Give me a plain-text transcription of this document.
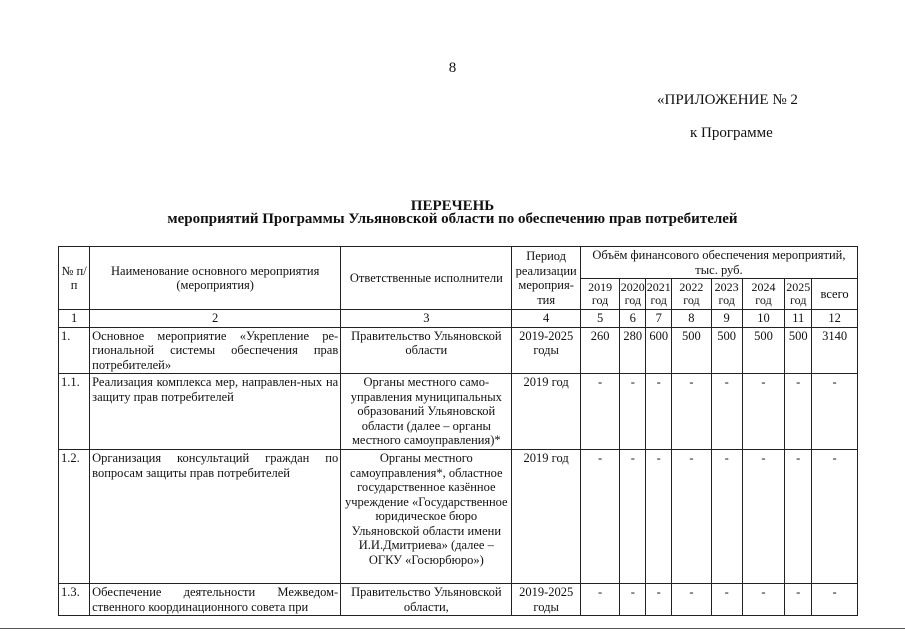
8
«ПРИЛОЖЕНИЕ № 2
к Программе
ПЕРЕЧЕНЬ
мероприятий Программы Ульяновской области по обеспечению прав потребителей
№ п/п	Наименование основного мероприятия (мероприятия)	Ответственные исполнители	Период реализации мероприя-тия	Объём финансового обеспечения мероприятий, тыс. руб.							
				2019 год	2020 год	2021 год	2022 год	2023 год	2024 год	2025 год	всего
1	2	3	4	5	6	7	8	9	10	11	12
1.	Основное мероприятие «Укрепление ре-гиональной системы обеспечения прав потребителей»	Правительство Ульяновской области	2019-2025 годы	260	280	600	500	500	500	500	3140
1.1.	Реализация комплекса мер, направлен-ных на защиту прав потребителей	Органы местного само-управления муниципальных образований Ульяновской области (далее – органы местного самоуправления)*	2019 год	-	-	-	-	-	-	-	-
1.2.	Организация консультаций граждан по вопросам защиты прав потребителей	Органы местного самоуправления*, областное государственное казённое учреждение «Государственное юридическое бюро Ульяновской области имени И.И.Дмитриева» (далее – ОГКУ «Госюрбюро»)	2019 год	-	-	-	-	-	-	-	-
1.3.	Обеспечение деятельности Межведом-ственного координационного совета при	Правительство Ульяновской области,	2019-2025 годы	-	-	-	-	-	-	-	-
